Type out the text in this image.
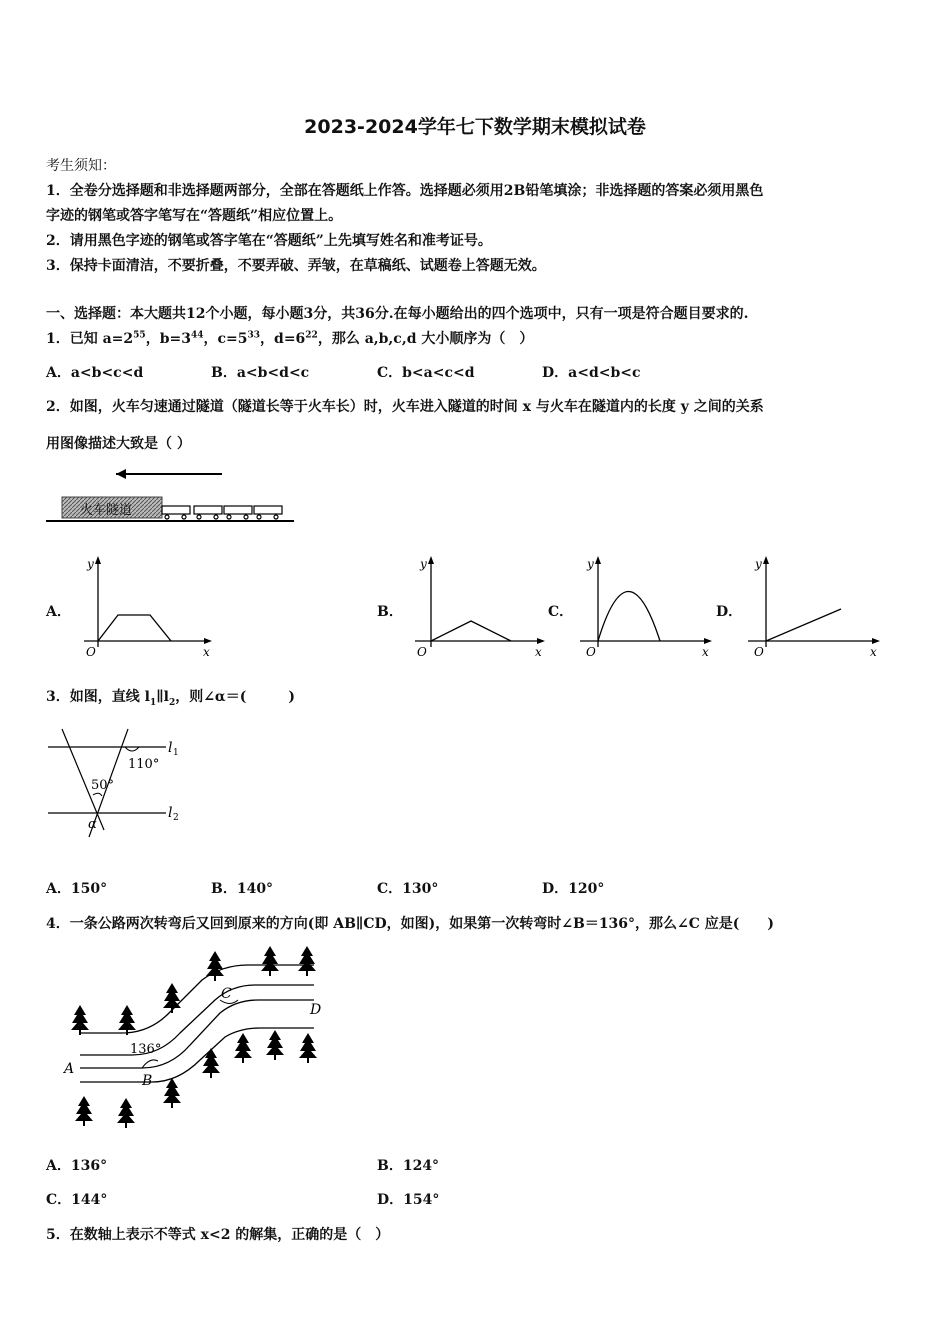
2023-2024学年七下数学期末模拟试卷
考生须知：
1．全卷分选择题和非选择题两部分，全部在答题纸上作答。选择题必须用2B铅笔填涂；非选择题的答案必须用黑色
字迹的钢笔或答字笔写在“答题纸”相应位置上。
2．请用黑色字迹的钢笔或答字笔在“答题纸”上先填写姓名和准考证号。
3．保持卡面清洁，不要折叠，不要弄破、弄皱，在草稿纸、试题卷上答题无效。
一、选择题：本大题共12个小题，每小题3分，共36分.在每小题给出的四个选项中，只有一项是符合题目要求的.
1．已知 $a=2^{55}$，$b=3^{44}$，$c=5^{33}$，$d=6^{22}$，那么 a,b,c,d 大小顺序为（　）
A．a<b<c<d	B．a<b<d<c	C．b<a<c<d	D．a<d<b<c
2．如图，火车匀速通过隧道（隧道长等于火车长）时，火车进入隧道的时间 x 与火车在隧道内的长度 y 之间的关系
用图像描述大致是（ ）
火车隧道
A．
y
x
O
B．
y
x
O
C．
y
x
O
D．
y
x
O
3．如图，直线 $l_1\parallel l_2$，则∠α＝(　　　)
l 1
l 2
110°
50°
α
A．150°	B．140°	C．130°	D．120°
4．一条公路两次转弯后又回到原来的方向(即 AB∥CD，如图)，如果第一次转弯时∠B＝136°，那么∠C 应是(　　)
A
B
C
D
136°
A．136°	B．124°
C．144°	D．154°
5．在数轴上表示不等式 x<2 的解集，正确的是（　）
